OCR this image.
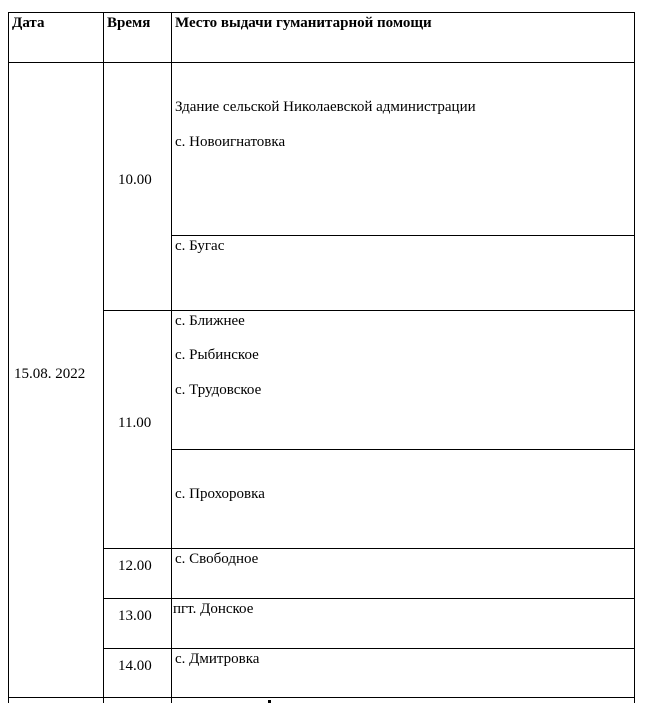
Дата	Время Место выдачи гуманитарной помощи
15.08. 2022
10.00
11.00
12.00
13.00
14.00
Здание сельской Николаевской администрации
с. Новоигнатовка
с. Бугас
с. Ближнее
с. Рыбинское
с. Трудовское
с. Прохоровка
с. Свободное
пгт. Донское
с. Дмитровка
